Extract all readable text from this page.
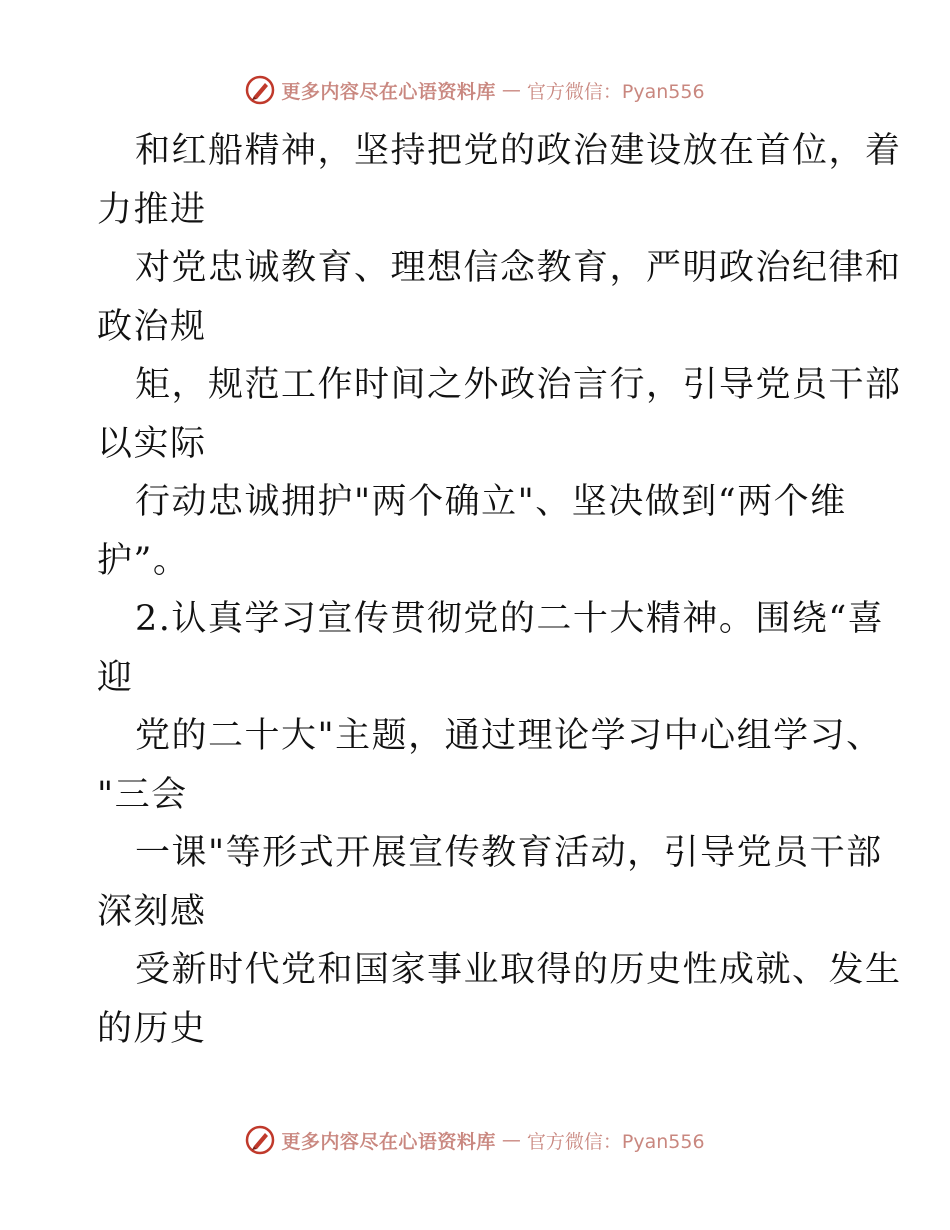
更多内容尽在心语资料库 — 官方微信：Pyan556
和红船精神，坚持把党的政治建设放在首位，着
力推进
对党忠诚教育、理想信念教育，严明政治纪律和
政治规
矩，规范工作时间之外政治言行，引导党员干部
以实际
行动忠诚拥护"两个确立"、坚决做到“两个维
护”。
2.认真学习宣传贯彻党的二十大精神。围绕“喜
迎
党的二十大"主题，通过理论学习中心组学习、
"三会
一课"等形式开展宣传教育活动，引导党员干部
深刻感
受新时代党和国家事业取得的历史性成就、发生
的历史
更多内容尽在心语资料库 — 官方微信：Pyan556
